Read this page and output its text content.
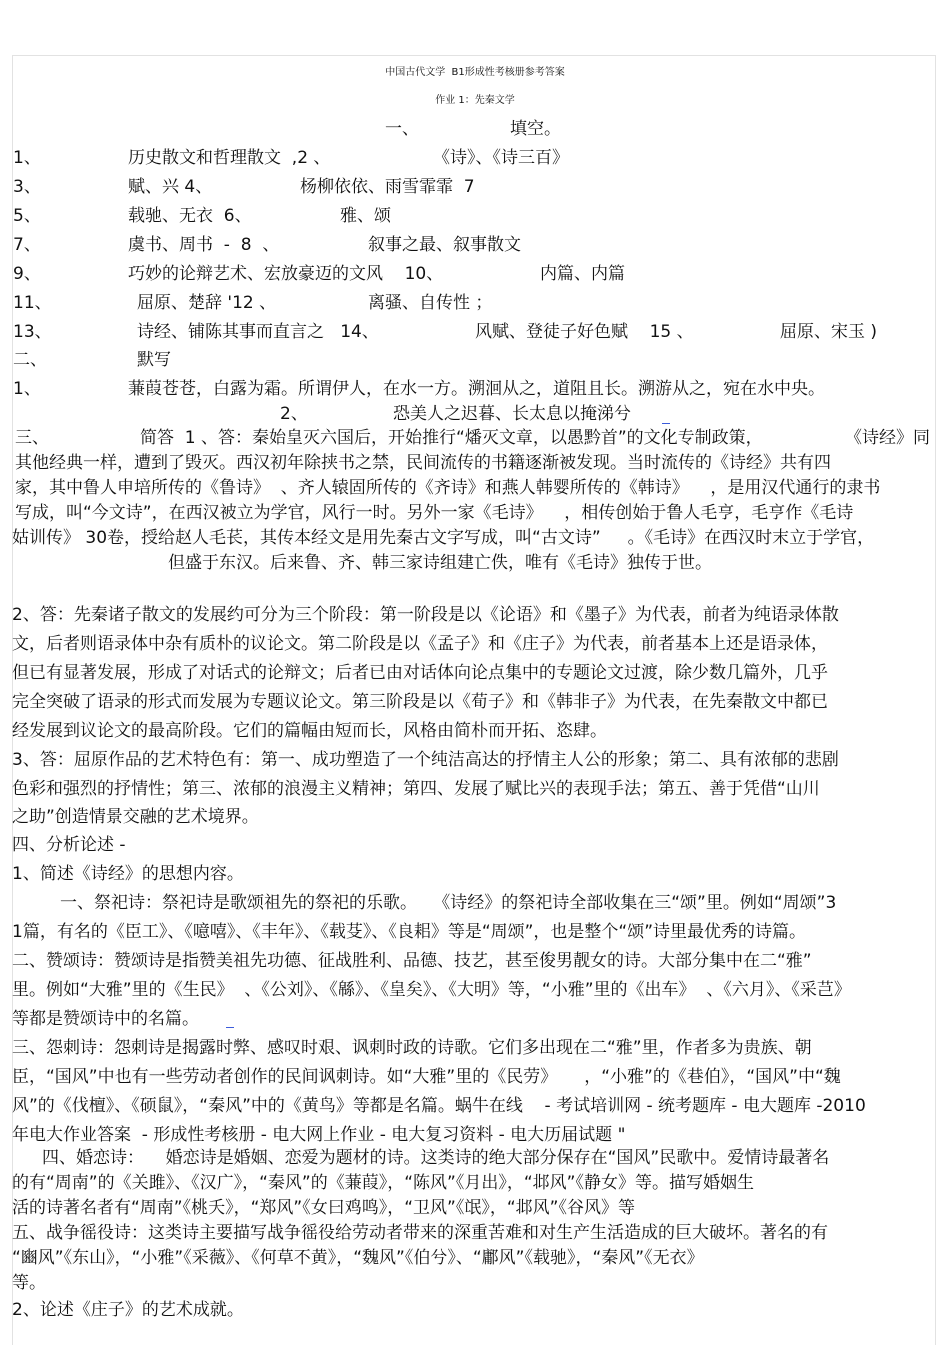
中国古代文学  B1形成性考核册参考答案
作业 1：先秦文学
一、	填空。
1、	历史散文和哲理散文  ,2 、	《诗》、《诗三百》
3、	赋、兴 4、	杨柳依依、雨雪霏霏  7
5、	载驰、无衣  6、	雅、颂
7、	虞书、周书  -  8  、	叙事之最、叙事散文
9、	巧妙的论辩艺术、宏放豪迈的文风    10、	内篇、内篇
11、	屈原、楚辞 '12 、	离骚、自传性 ；
13、	诗经、铺陈其事而直言之   14、	风赋、登徒子好色赋    15 、	屈原、宋玉 )
二、	默写
1、	蒹葭苍苍，白露为霜。所谓伊人，在水一方。溯洄从之，道阻且长。溯游从之，宛在水中央。
2、	恐美人之迟暮、长太息以掩涕兮
三、	简答  1 、答：秦始皇灭六国后，开始推行“燔灭文章，以愚黔首”的文化专制政策，	《诗经》同
其他经典一样，遭到了毁灭。西汉初年除挟书之禁，民间流传的书籍逐渐被发现。当时流传的《诗经》共有四
家，其中鲁人申培所传的《鲁诗》  、齐人辕固所传的《齐诗》和燕人韩婴所传的《韩诗》    ，是用汉代通行的隶书
写成，叫“今文诗”，在西汉被立为学官，风行一时。另外一家《毛诗》    ，相传创始于鲁人毛亨，毛亨作《毛诗
姑训传》 30卷，授给赵人毛苌，其传本经文是用先秦古文字写成，叫“古文诗”     。《毛诗》在西汉时末立于学官，
但盛于东汉。后来鲁、齐、韩三家诗组建亡佚，唯有《毛诗》独传于世。
2、答：先秦诸子散文的发展约可分为三个阶段：第一阶段是以《论语》和《墨子》为代表，前者为纯语录体散
文，后者则语录体中杂有质朴的议论文。第二阶段是以《孟子》和《庄子》为代表，前者基本上还是语录体，
但已有显著发展，形成了对话式的论辩文；后者已由对话体向论点集中的专题论文过渡，除少数几篇外，几乎
完全突破了语录的形式而发展为专题议论文。第三阶段是以《荀子》和《韩非子》为代表，在先秦散文中都已
经发展到议论文的最高阶段。它们的篇幅由短而长，风格由简朴而开拓、恣肆。
3、答：屈原作品的艺术特色有：第一、成功塑造了一个纯洁高达的抒情主人公的形象；第二、具有浓郁的悲剧
色彩和强烈的抒情性；第三、浓郁的浪漫主义精神；第四、发展了赋比兴的表现手法；第五、善于凭借“山川
之助”创造情景交融的艺术境界。
四、分析论述 -
1、简述《诗经》的思想内容。
一、祭祀诗：祭祀诗是歌颂祖先的祭祀的乐歌。   《诗经》的祭祀诗全部收集在三“颂”里。例如“周颂”3
1篇，有名的《臣工》、《噫嘻》、《丰年》、《载芟》、《良耜》等是“周颂”，也是整个“颂”诗里最优秀的诗篇。
二、赞颂诗：赞颂诗是指赞美祖先功德、征战胜利、品德、技艺，甚至俊男靓女的诗。大部分集中在二“雅”
里。例如“大雅”里的《生民》  、《公刘》、《緜》、《皇矣》、《大明》等，“小雅”里的《出车》  、《六月》、《采芑》
等都是赞颂诗中的名篇。
三、怨刺诗：怨刺诗是揭露时弊、感叹时艰、讽刺时政的诗歌。它们多出现在二“雅”里，作者多为贵族、朝
臣，“国风”中也有一些劳动者创作的民间讽刺诗。如“大雅”里的《民劳》     ，“小雅”的《巷伯》，“国风”中“魏
风”的《伐檀》、《硕鼠》，“秦风”中的《黄鸟》等都是名篇。蜗牛在线    - 考试培训网 - 统考题库 - 电大题库 -2010
年电大作业答案  - 形成性考核册 - 电大网上作业 - 电大复习资料 - 电大历届试题 "
四、婚恋诗：    婚恋诗是婚姻、恋爱为题材的诗。这类诗的绝大部分保存在“国风”民歌中。爱情诗最著名
的有“周南”的《关雎》、《汉广》，“秦风”的《蒹葭》，“陈风”《月出》，“邶风”《静女》等。描写婚姻生
活的诗著名者有“周南”《桃夭》，“郑风”《女曰鸡鸣》，“卫风”《氓》，“邶风”《谷风》等
五、战争徭役诗：这类诗主要描写战争徭役给劳动者带来的深重苦难和对生产生活造成的巨大破坏。著名的有
“豳风”《东山》，“小雅”《采薇》、《何草不黄》，“魏风”《伯兮》、“鄘风”《载驰》，“秦风”《无衣》
等。
2、论述《庄子》的艺术成就。
